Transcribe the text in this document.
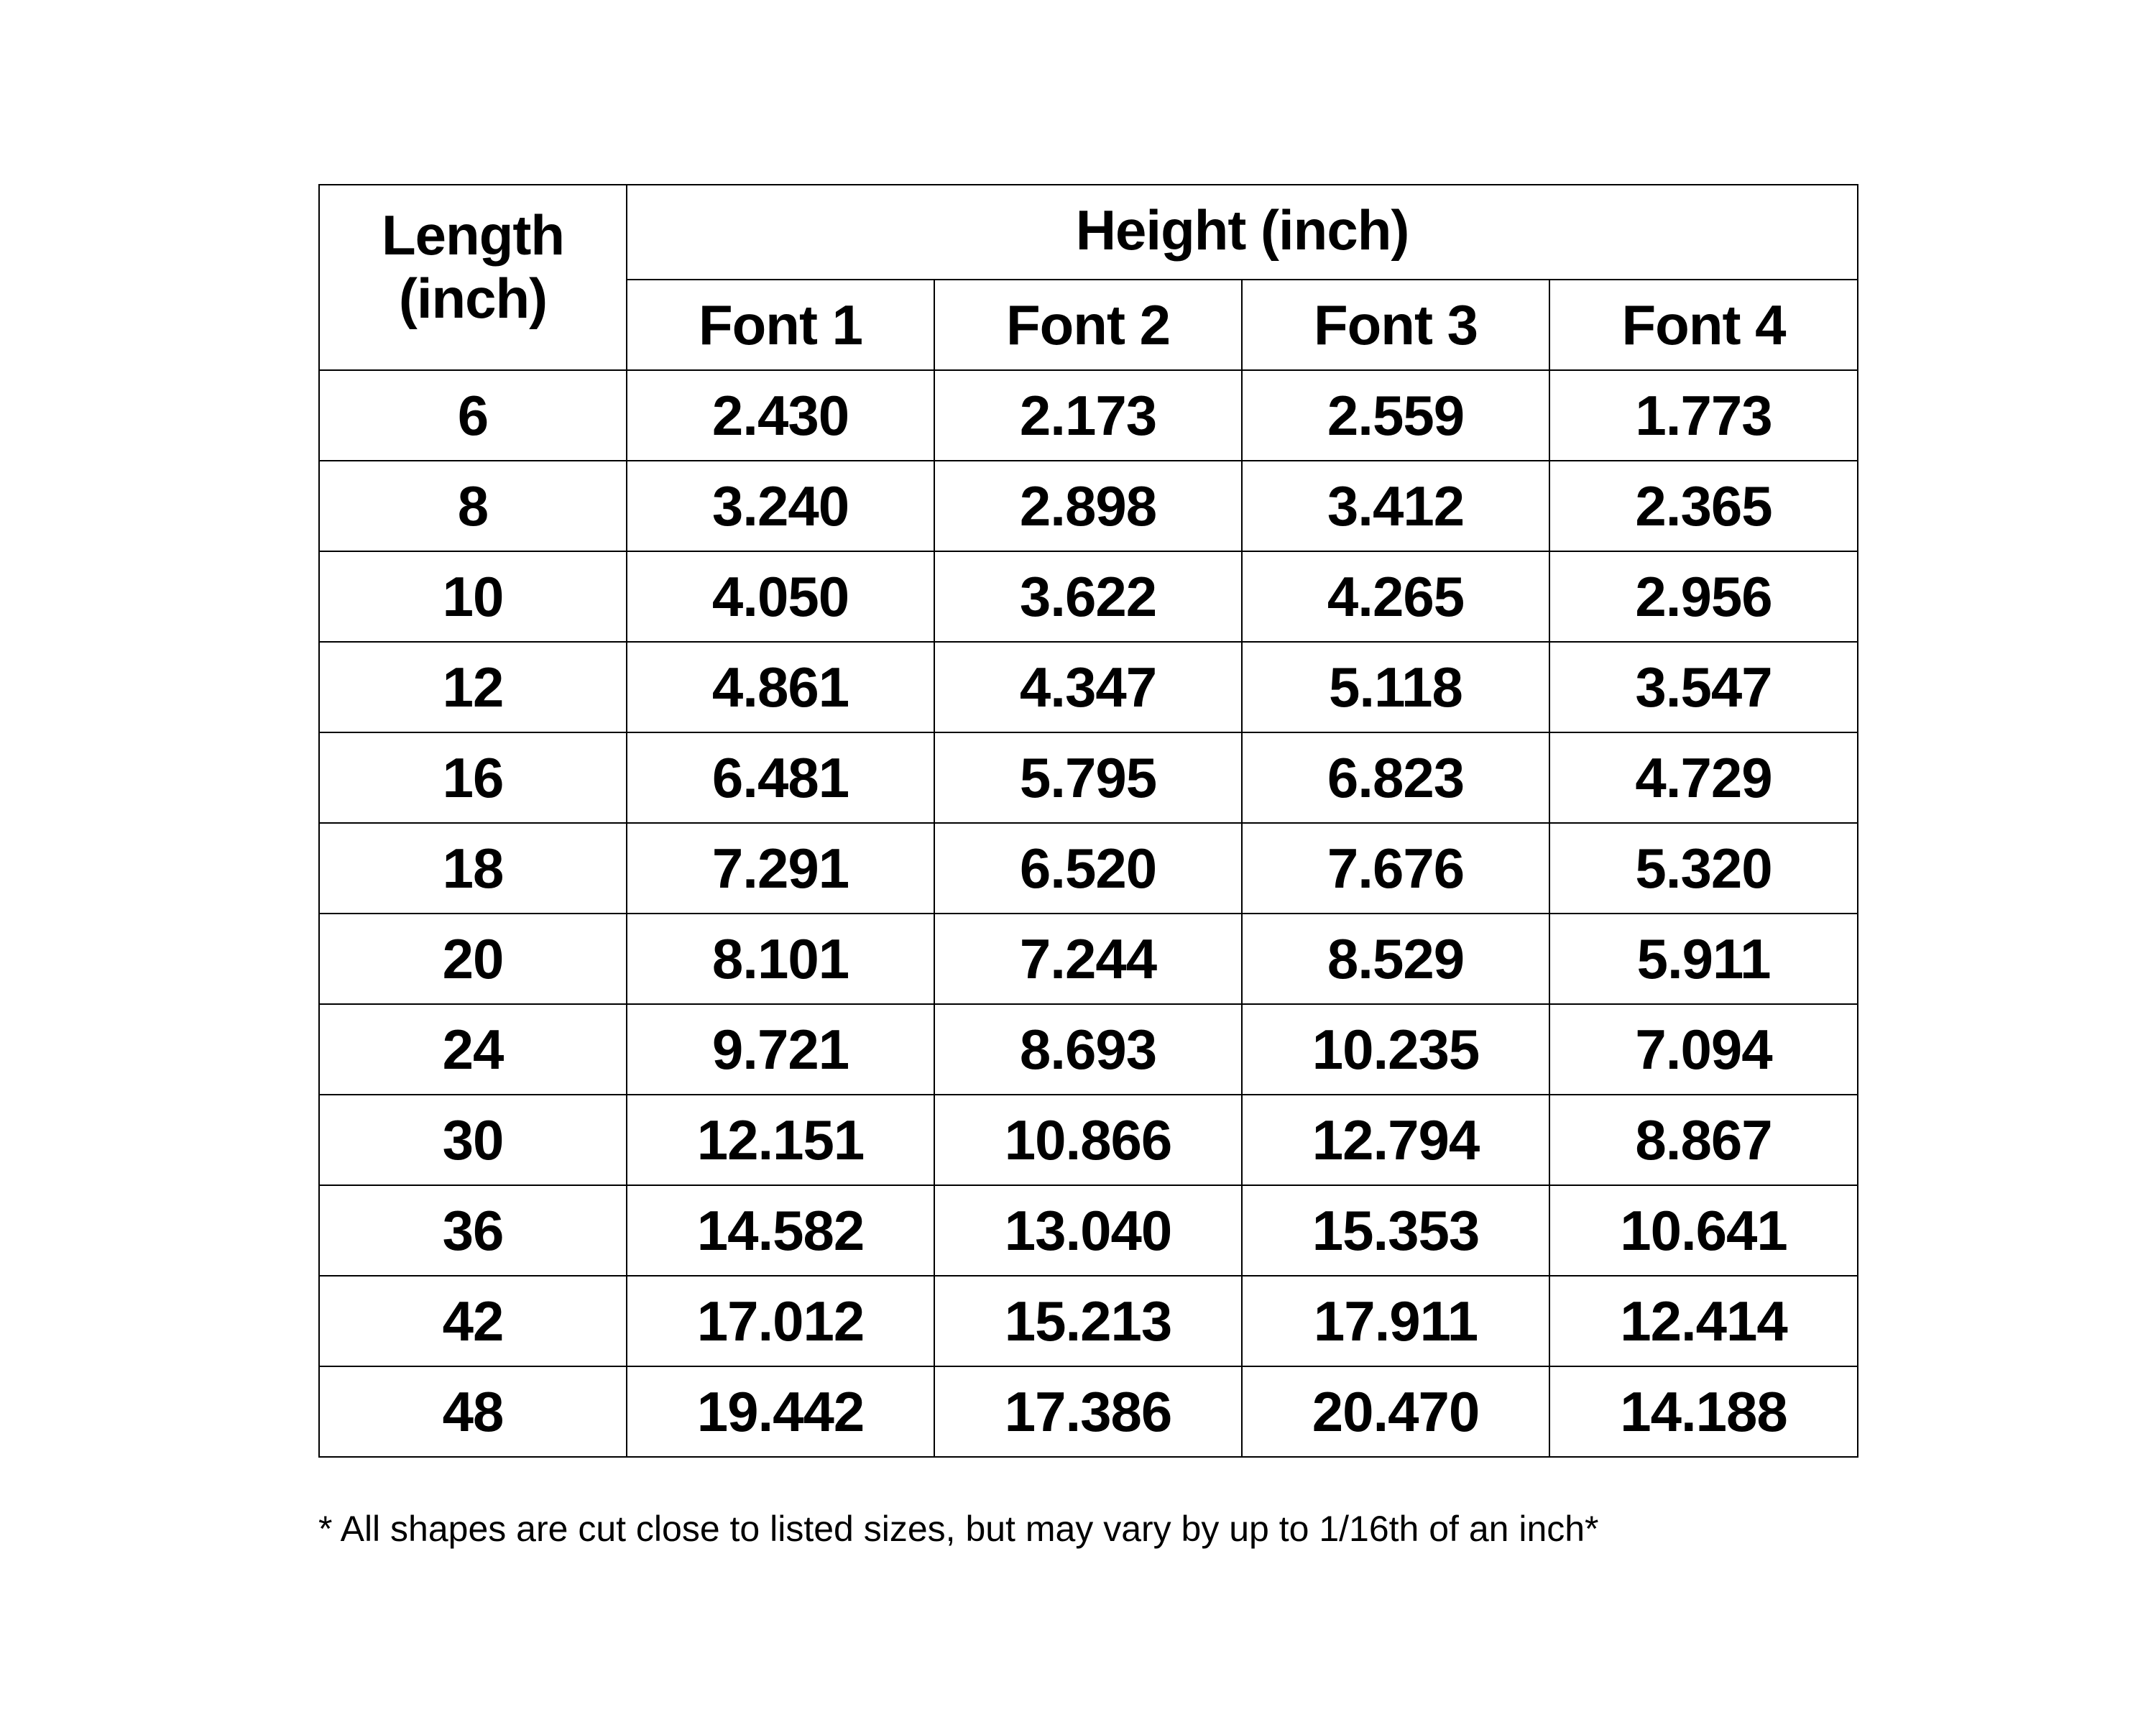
Length
(inch)	Height (inch)			
	Font 1	Font 2	Font 3	Font 4
6	2.430	2.173	2.559	1.773
8	3.240	2.898	3.412	2.365
10	4.050	3.622	4.265	2.956
12	4.861	4.347	5.118	3.547
16	6.481	5.795	6.823	4.729
18	7.291	6.520	7.676	5.320
20	8.101	7.244	8.529	5.911
24	9.721	8.693	10.235	7.094
30	12.151	10.866	12.794	8.867
36	14.582	13.040	15.353	10.641
42	17.012	15.213	17.911	12.414
48	19.442	17.386	20.470	14.188
* All shapes are cut close to listed sizes, but may vary by up to 1/16th of an inch*
